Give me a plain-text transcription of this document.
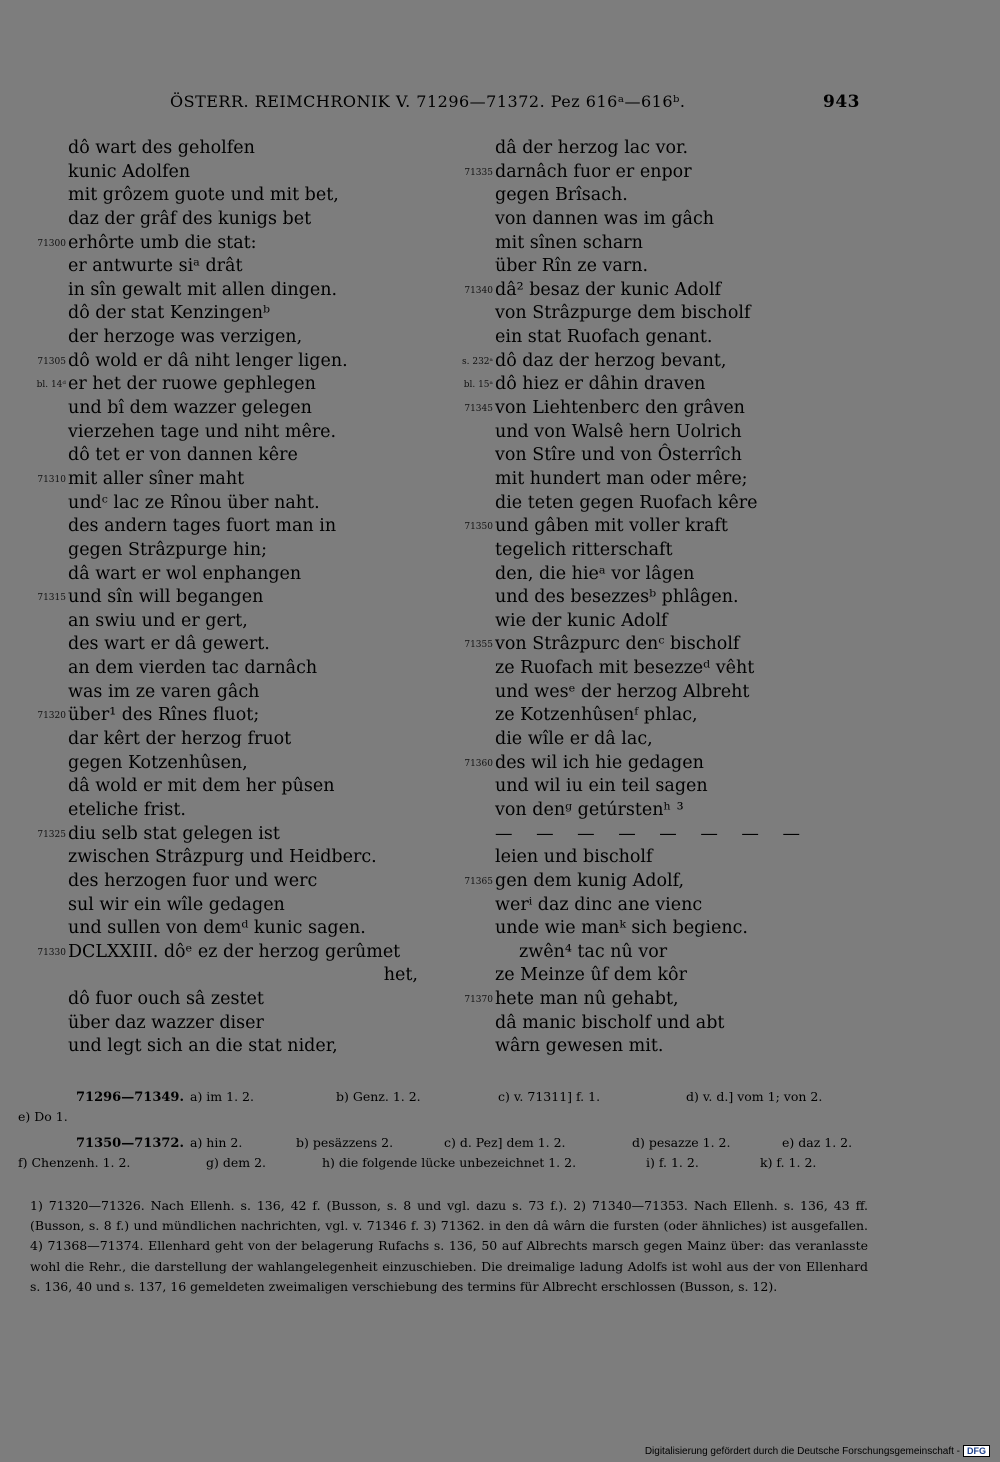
ÖSTERR. REIMCHRONIK V. 71296—71372. Pez 616ᵃ—616ᵇ.	943
dô wart des geholfen
kunic Adolfen
mit grôzem guote und mit bet,
daz der grâf des kunigs bet
71300 erhôrte umb die stat:
er antwurte siᵃ drât
in sîn gewalt mit allen dingen.
dô der stat Kenzingenᵇ
der herzoge was verzigen,
71305 dô wold er dâ niht lenger ligen.
bl. 14ᵈ er het der ruowe gephlegen
und bî dem wazzer gelegen
vierzehen tage und niht mêre.
dô tet er von dannen kêre
71310 mit aller sîner maht
undᶜ lac ze Rînou über naht.
des andern tages fuort man in
gegen Strâzpurge hin;
dâ wart er wol enphangen
71315 und sîn will begangen
an swiu und er gert,
des wart er dâ gewert.
an dem vierden tac darnâch
was im ze varen gâch
71320 über¹ des Rînes fluot;
dar kêrt der herzog fruot
gegen Kotzenhûsen,
dâ wold er mit dem her pûsen
eteliche frist.
71325 diu selb stat gelegen ist
zwischen Strâzpurg und Heidberc.
des herzogen fuor und werc
sul wir ein wîle gedagen
und sullen von demᵈ kunic sagen.
71330 DCLXXIII. dôᵉ ez der herzog gerûmet
het,
dô fuor ouch sâ zestet
über daz wazzer diser
und legt sich an die stat nider,
dâ der herzog lac vor.
71335 darnâch fuor er enpor
gegen Brîsach.
von dannen was im gâch
mit sînen scharn
über Rîn ze varn.
71340 dâ² besaz der kunic Adolf
von Strâzpurge dem bischolf
ein stat Ruofach genant.
s. 232ᵃ dô daz der herzog bevant,
bl. 15ᵃ dô hiez er dâhin draven
71345 von Liehtenberc den grâven
und von Walsê hern Uolrich
von Stîre und von Ôsterrîch
mit hundert man oder mêre;
die teten gegen Ruofach kêre
71350 und gâben mit voller kraft
tegelich ritterschaft
den, die hieᵃ vor lâgen
und des besezzesᵇ phlâgen.
wie der kunic Adolf
71355 von Strâzpurc denᶜ bischolf
ze Ruofach mit besezzeᵈ vêht
und wesᵉ der herzog Albreht
ze Kotzenhûsenᶠ phlac,
die wîle er dâ lac,
71360 des wil ich hie gedagen
und wil iu ein teil sagen
von denᵍ getúrstenʰ ³
— — — — — — — —
leien und bischolf
71365 gen dem kunig Adolf,
werⁱ daz dinc ane vienc
unde wie manᵏ sich begienc.
zwên⁴ tac nû vor
ze Meinze ûf dem kôr
71370 hete man nû gehabt,
dâ manic bischolf und abt
wârn gewesen mit.
71296—71349. a) im 1. 2.	b) Genz. 1. 2.	c) v. 71311] f. 1.	d) v. d.] vom 1; von 2.
e) Do 1.
71350—71372. a) hin 2.	b) pesäzzens 2.	c) d. Pez] dem 1. 2.	d) pesazze 1. 2.	e) daz 1. 2.
f) Chenzenh. 1. 2.	g) dem 2.	h) die folgende lücke unbezeichnet 1. 2.	i) f. 1. 2.	k) f. 1. 2.
1) 71320—71326. Nach Ellenh. s. 136, 42 f. (Busson, s. 8 und vgl. dazu s. 73 f.). 2) 71340—71353. Nach Ellenh. s. 136, 43 ff. (Busson, s. 8 f.) und mündlichen nachrichten, vgl. v. 71346 f. 3) 71362. in den dâ wârn die fursten (oder ähnliches) ist ausgefallen. 4) 71368—71374. Ellenhard geht von der belagerung Rufachs s. 136, 50 auf Albrechts marsch gegen Mainz über: das veranlasste wohl die Rehr., die darstellung der wahlangelegenheit einzuschieben. Die dreimalige ladung Adolfs ist wohl aus der von Ellenhard s. 136, 40 und s. 137, 16 gemeldeten zweimaligen verschiebung des termins für Albrecht erschlossen (Busson, s. 12).
Digitalisierung gefördert durch die Deutsche Forschungsgemeinschaft - DFG
